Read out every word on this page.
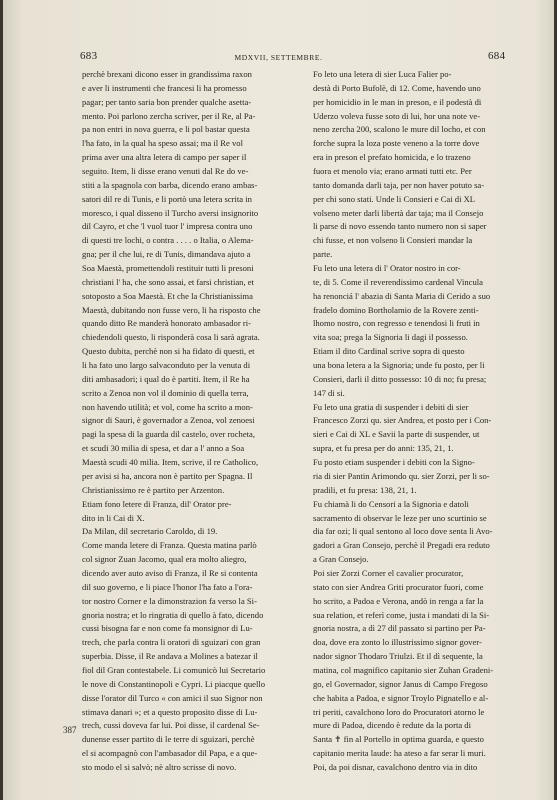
683	MDXVII, SETTEMBRE.	684
387

perchè brexani dicono esser in grandissima raxon

e aver li instrumenti che francesi li ha promesso

pagar; per tanto saria bon prender qualche asetta-

mento. Poi parlono zercha scriver, per il Re, al Pa-

pa non entri in nova guerra, e li pol bastar questa

l'ha fato, in la qual ha speso assai; ma il Re vol

prima aver una altra letera di campo per saper il

seguito. Item, li disse erano venuti dal Re do ve-

stiti a la spagnola con barba, dicendo erano ambas-

satori dil re di Tunis, e li portò una letera scrita in

moresco, i qual disseno il Turcho aversi insignorito

dil Cayro, et che 'l vuol tuor l' impresa contra uno

di questi tre lochi, o contra . . . . o Italia, o Alema-

gna; per il che lui, re di Tunis, dimandava ajuto a

Soa Maestà, promettendoli restituir tutti li presoni

christiani l' ha, che sono assai, et farsi christian, et

sotoposto a Soa Maestà. Et che la Christianissima

Maestà, dubitando non fusse vero, li ha risposto che

quando ditto Re manderà honorato ambasador ri-

chiedendoli questo, li risponderà cosa li sarà agrata.

Questo dubita, perchè non si ha fidato di questi, et

li ha fato uno largo salvaconduto per la venuta di

diti ambasadori; i qual do è partiti. Item, il Re ha

scrito a Zenoa non vol il dominio di quella terra,

non havendo utilità; et vol, come ha scrito a mon-

signor di Sauri, è governador a Zenoa, vol zenoesi

pagi la spesa di la guarda dil castelo, over rocheta,

et scudi 30 milia di spesa, et dar a l' anno a Soa

Maestà scudi 40 milia. Item, scrive, il re Catholico,

per avisi si ha, ancora non è partito per Spagna. Il

Christianissimo re è partito per Arzenton.

Etiam fono letere di Franza, dil' Orator pre-

dito in li Cai di X.

Da Milan, dil secretario Caroldo, di 19.

Come manda letere di Franza. Questa matina parlò

col signor Zuan Jacomo, qual era molto aliegro,

dicendo aver auto aviso di Franza, il Re si contenta

dil suo governo, e li piace l'honor l'ha fato a l'ora-

tor nostro Corner e la dimonstrazion fa verso la Si-

gnoria nostra; et lo ringratia di quello à fato, dicendo

cussi bisogna far e non come fa monsignor di Lu-

trech, che parla contra li oratori di sguizari con gran

superbia. Disse, il Re andava a Molines a batezar il

fiol dil Gran contestabele. Li comunicò lui Secretario

le nove di Constantinopoli e Cypri. Li piacque quello

disse l'orator dil Turco « con amici il suo Signor non

stimava danari »; et a questo proposito disse di Lu-

trech, cussi doveva far lui. Poi disse, il cardenal Se-

dunense esser partito di le terre di sguizari, perchè

el si acompagnò con l'ambasador dil Papa, e a que-

sto modo el si salvò; nè altro scrisse di novo.

Fo leto una letera di sier Luca Falier po-

destà di Porto Bufolè, di 12. Come, havendo uno

per homicidio in le man in preson, e il podestà di

Uderzo voleva fusse soto di lui, hor una note ve-

neno zercha 200, scalono le mure dil locho, et con

forche supra la loza poste veneno a la torre dove

era in preson el prefato homicida, e lo trazeno

fuora et menolo via; erano armati tutti etc. Per

tanto domanda darli taja, per non haver potuto sa-

per chi sono stati. Unde li Consieri e Cai di XL

volseno meter darli libertà dar taja; ma il Consejo

li parse di novo essendo tanto numero non si saper

chi fusse, et non volseno li Consieri mandar la

parte.

Fu leto una letera di l' Orator nostro in cor-

te, di 5. Come il reverendissimo cardenal Vincula

ha renonciá l' abazia di Santa Maria di Cerido a suo

fradelo domino Bortholamio de la Rovere zenti-

lhomo nostro, con regresso e tenendosi li fruti in

vita soa; prega la Signoria li dagi il possesso.

Etiam il dito Cardinal scrive sopra di questo

una bona letera a la Signoria; unde fu posto, per li

Consieri, darli il ditto possesso: 10 di no; fu presa;

147 di si.

Fu leto una gratia di suspender i debiti di sier

Francesco Zorzi qu. sier Andrea, et posto per i Con-

sieri e Cai di XL e Savii la parte di suspender, ut

supra, et fu presa per do anni: 135, 21, 1.

Fu posto etiam suspender i debiti con la Signo-

ria di sier Pantin Arimondo qu. sier Zorzi, per li so-

pradili, et fu presa: 138, 21, 1.

Fu chiamà li do Censori a la Signoria e datoli

sacramento di observar le leze per uno scurtinio se

dia far ozi; li qual sentono al loco dove senta li Avo-

gadori a Gran Consejo, perchè il Pregadi era reduto

a Gran Consejo.

Poi sier Zorzi Corner el cavalier procurator,

stato con sier Andrea Griti procurator fuori, come

ho scrito, a Padoa e Verona, andò in renga a far la

sua relation, et referì come, justa i mandati di la Si-

gnoria nostra, a dì 27 dil passato si partino per Pa-

doa, dove era zonto lo illustrissimo signor gover-

nador signor Thodaro Triulzi. Et il dì sequente, la

matina, col magnifico capitanio sier Zuhan Gradeni-

go, el Governador, signor Janus di Campo Fregoso

che habita a Padoa, e signor Troylo Pignatello e al-

tri periti, cavalchono loro do Procuratori atorno le

mure di Padoa, dicendo è redute da la porta di

Santa ✝ fin al Portello in optima guarda, e questo

capitanio merita laude: ha ateso a far serar li muri.

Poi, da poi disnar, cavalchono dentro via in dito
